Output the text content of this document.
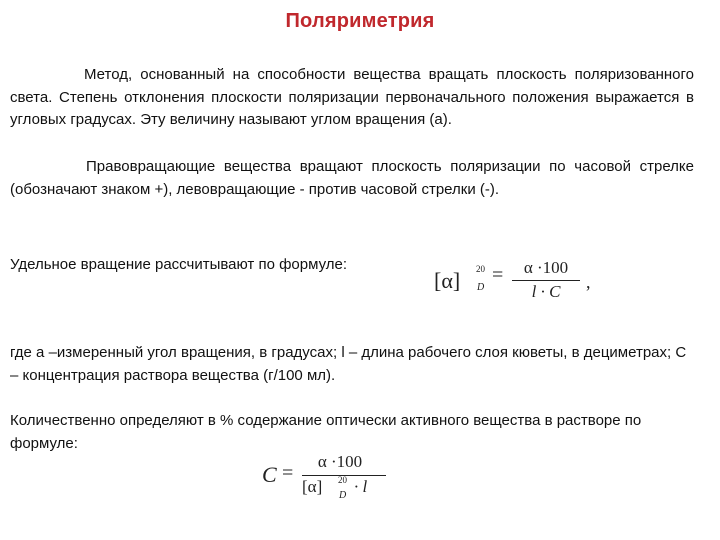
Поляриметрия
Метод, основанный на способности вещества вращать плоскость поляризованного света. Степень отклонения плоскости поляризации первоначального положения выражается в угловых градусах. Эту величину называют углом вращения (а).
Правовращающие вещества вращают плоскость поляризации по часовой стрелке (обозначают знаком +), левовращающие - против часовой стрелки (-).
Удельное вращение рассчитывают по формуле:
[α] 20
D
=	α ·100
l · C	,
где а –измеренный угол вращения, в градусах; l – длина рабочего слоя кюветы, в дециметрах; C – концентрация раствора вещества (г/100 мл).
Количественно определяют в % содержание оптически активного вещества в растворе по формуле:
C =
α ·100
[α] 20
D · l
